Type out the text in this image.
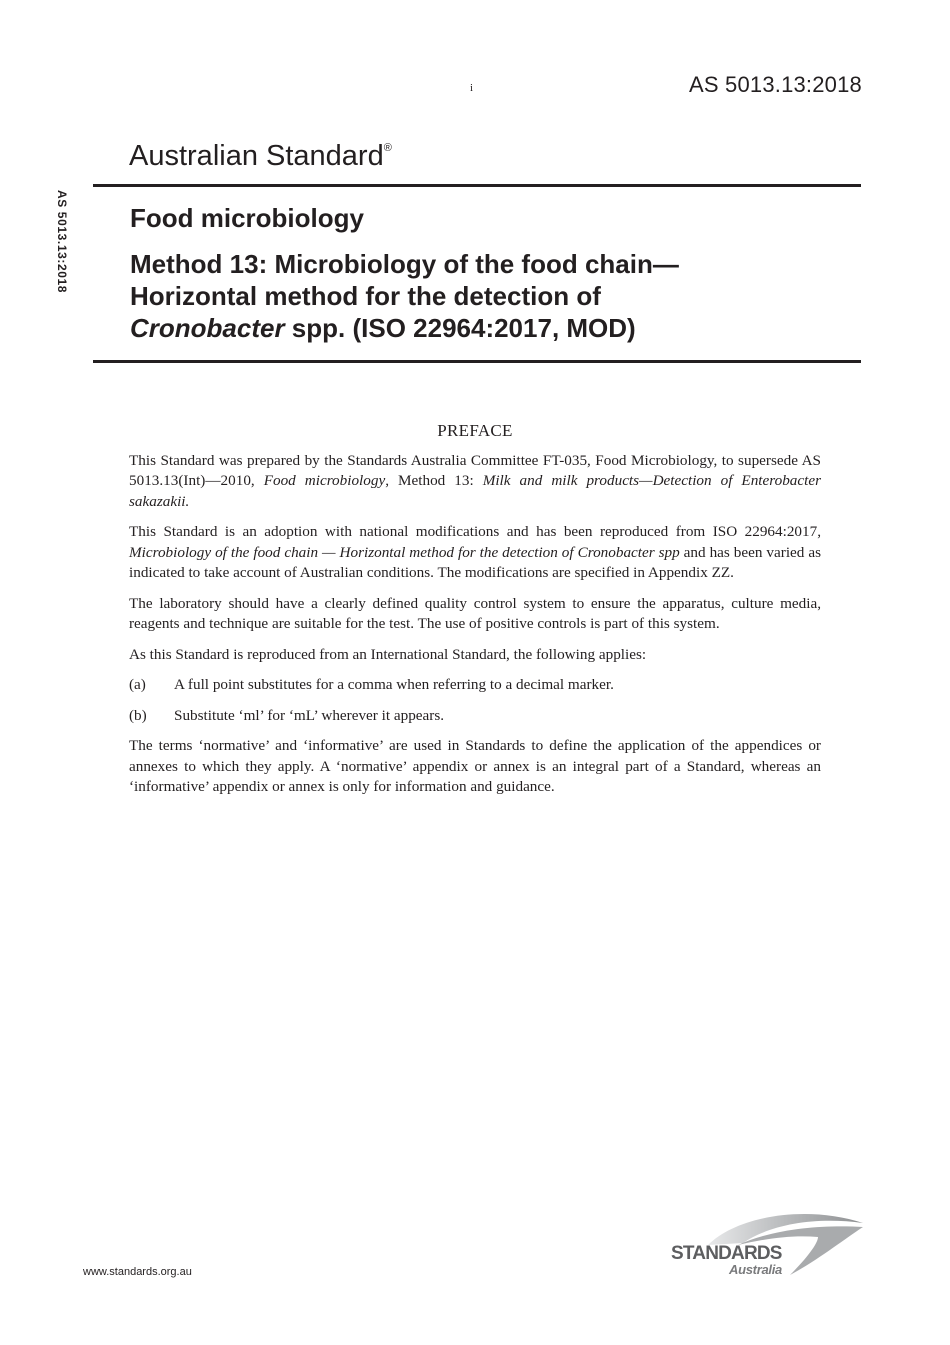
i	AS 5013.13:2018
AS 5013.13:2018
Australian Standard®
Food microbiology

Method 13: Microbiology of the food chain—

Horizontal method for the detection of

Cronobacter spp. (ISO 22964:2017, MOD)

PREFACE

This Standard was prepared by the Standards Australia Committee FT-035, Food Microbiology, to supersede AS 5013.13(Int)—2010, Food microbiology, Method 13: Milk and milk products—Detection of Enterobacter sakazakii.

This Standard is an adoption with national modifications and has been reproduced from ISO 22964:2017, Microbiology of the food chain — Horizontal method for the detection of Cronobacter spp and has been varied as indicated to take account of Australian conditions. The modifications are specified in Appendix ZZ.

The laboratory should have a clearly defined quality control system to ensure the apparatus, culture media, reagents and technique are suitable for the test. The use of positive controls is part of this system.

As this Standard is reproduced from an International Standard, the following applies:

(a)	A full point substitutes for a comma when referring to a decimal marker.
(b)	Substitute ‘ml’ for ‘mL’ wherever it appears.

The terms ‘normative’ and ‘informative’ are used in Standards to define the application of the appendices or annexes to which they apply. A ‘normative’ appendix or annex is an integral part of a Standard, whereas an ‘informative’ appendix or annex is only for information and guidance.

www.standards.org.au
STANDARDS
Australia
